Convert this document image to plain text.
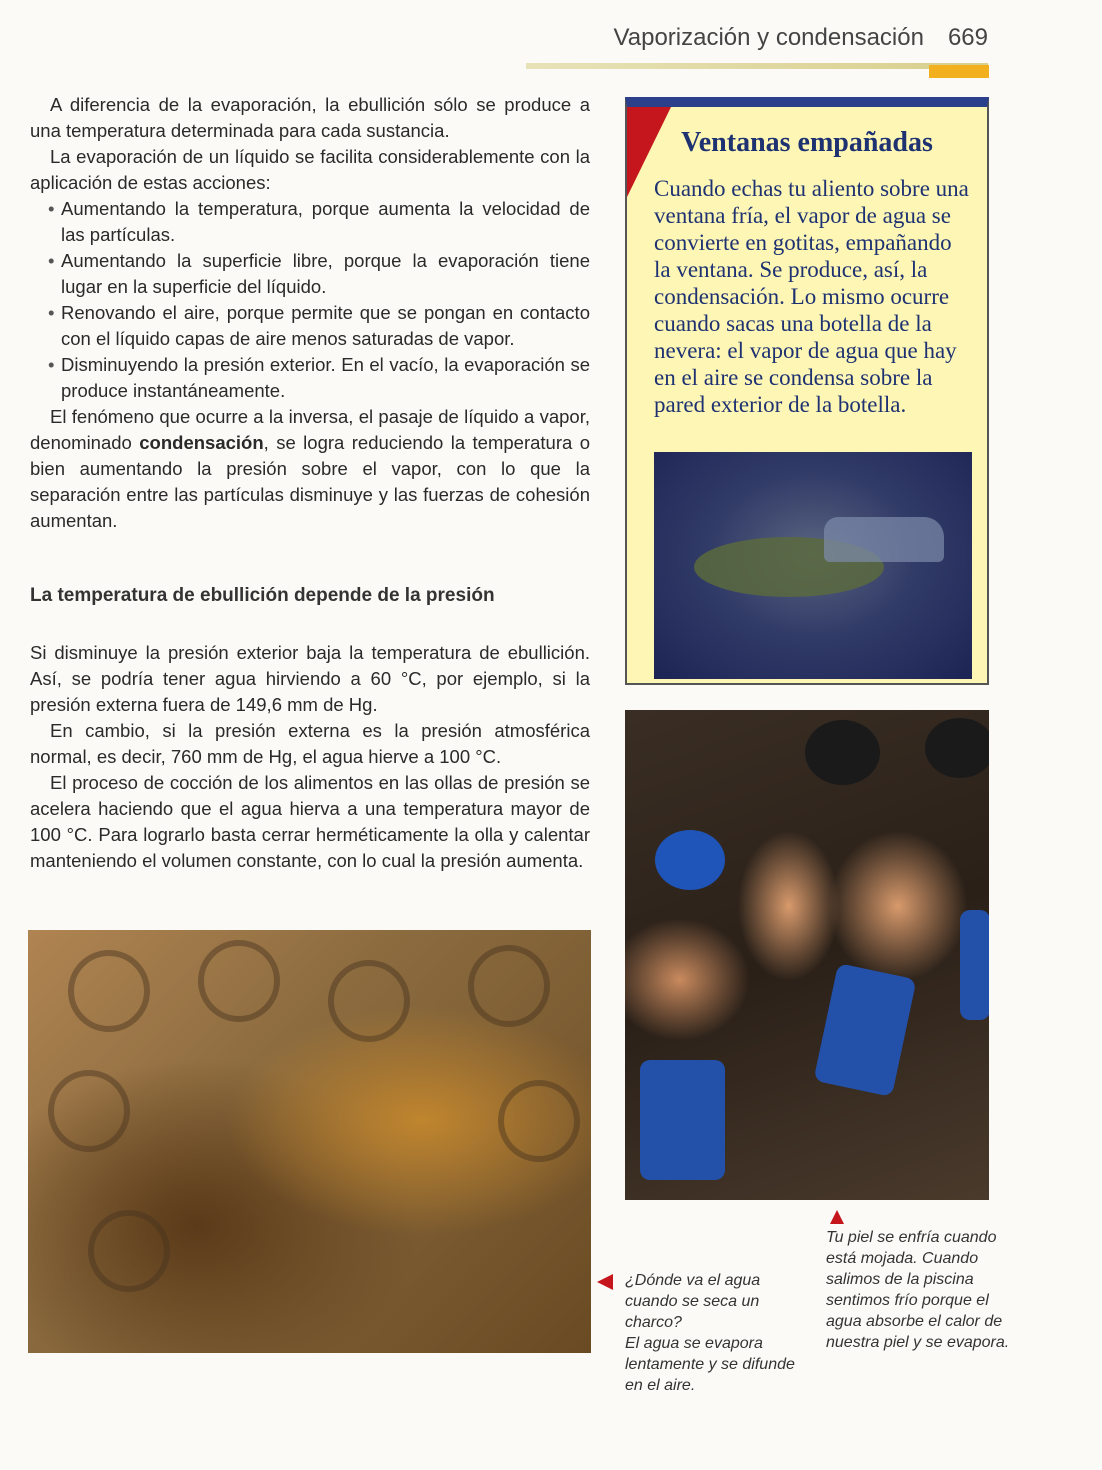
Vaporización y condensación 669

A diferencia de la evaporación, la ebullición sólo se produce a una temperatura determinada para cada sustancia.

La evaporación de un líquido se facilita considerablemente con la aplicación de estas acciones:

• Aumentando la temperatura, porque aumenta la velocidad de las partículas.
• Aumentando la superficie libre, porque la evaporación tiene lugar en la superficie del líquido.
• Renovando el aire, porque permite que se pongan en contacto con el líquido capas de aire menos saturadas de vapor.
• Disminuyendo la presión exterior. En el vacío, la evaporación se produce instantáneamente.

El fenómeno que ocurre a la inversa, el pasaje de líquido a vapor, denominado condensación, se logra reduciendo la temperatura o bien aumentando la presión sobre el vapor, con lo que la separación entre las partículas disminuye y las fuerzas de cohesión aumentan.

La temperatura de ebullición depende de la presión

Si disminuye la presión exterior baja la temperatura de ebullición. Así, se podría tener agua hirviendo a 60 °C, por ejemplo, si la presión externa fuera de 149,6 mm de Hg.

En cambio, si la presión externa es la presión atmosférica normal, es decir, 760 mm de Hg, el agua hierve a 100 °C.

El proceso de cocción de los alimentos en las ollas de presión se acelera haciendo que el agua hierva a una temperatura mayor de 100 °C. Para lograrlo basta cerrar herméticamente la olla y calentar manteniendo el volumen constante, con lo cual la presión aumenta.

Ventanas empañadas
Cuando echas tu aliento sobre una ventana fría, el vapor de agua se convierte en gotitas, empañando la ventana. Se produce, así, la condensación. Lo mismo ocurre cuando sacas una botella de la nevera: el vapor de agua que hay en el aire se condensa sobre la pared exterior de la botella.
¿Dónde va el agua cuando se seca un charco?
El agua se evapora lentamente y se difunde en el aire.
Tu piel se enfría cuando está mojada. Cuando salimos de la piscina sentimos frío porque el agua absorbe el calor de nuestra piel y se evapora.
